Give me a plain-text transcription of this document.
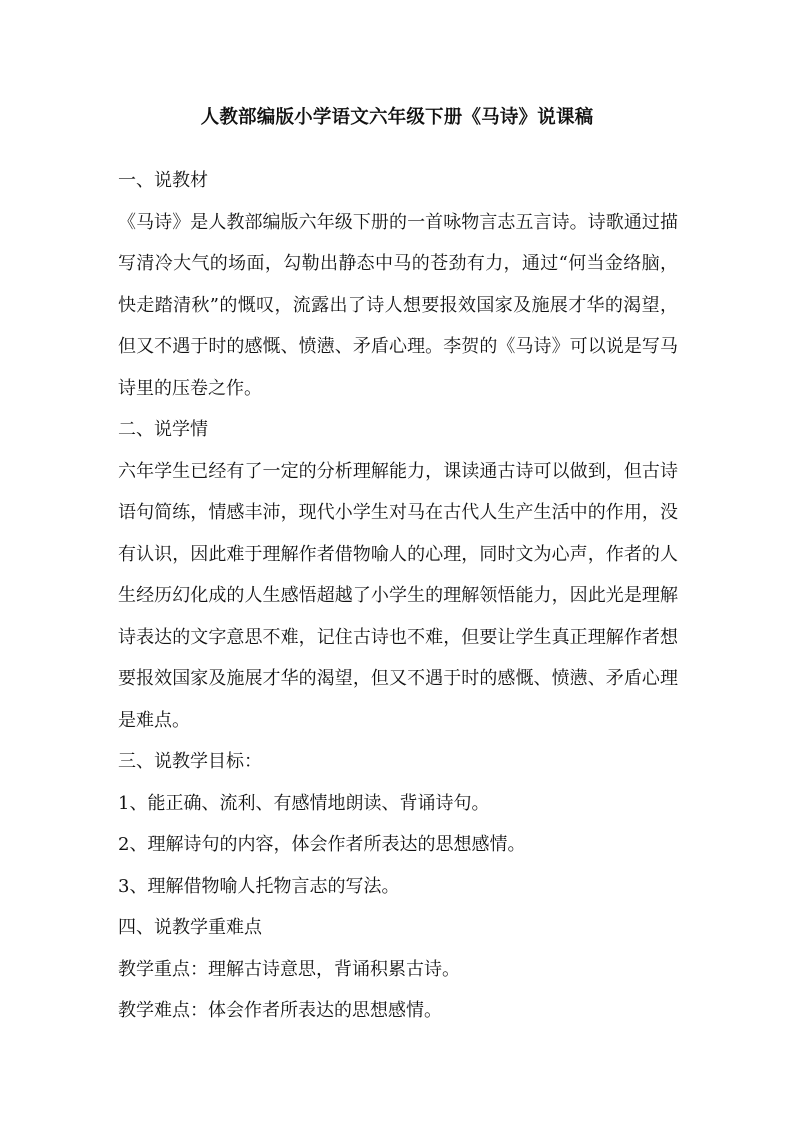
人教部编版小学语文六年级下册《马诗》说课稿
一、说教材
《马诗》是人教部编版六年级下册的一首咏物言志五言诗。诗歌通过描写清冷大气的场面，勾勒出静态中马的苍劲有力，通过“何当金络脑，快走踏清秋”的慨叹，流露出了诗人想要报效国家及施展才华的渴望，但又不遇于时的感慨、愤懑、矛盾心理。李贺的《马诗》可以说是写马诗里的压卷之作。
二、说学情
六年学生已经有了一定的分析理解能力，课读通古诗可以做到，但古诗语句简练，情感丰沛，现代小学生对马在古代人生产生活中的作用，没有认识，因此难于理解作者借物喻人的心理，同时文为心声，作者的人生经历幻化成的人生感悟超越了小学生的理解领悟能力，因此光是理解诗表达的文字意思不难，记住古诗也不难，但要让学生真正理解作者想要报效国家及施展才华的渴望，但又不遇于时的感慨、愤懑、矛盾心理是难点。
三、说教学目标：
1、能正确、流利、有感情地朗读、背诵诗句。
2、理解诗句的内容，体会作者所表达的思想感情。
3、理解借物喻人托物言志的写法。
四、说教学重难点
教学重点：理解古诗意思，背诵积累古诗。
教学难点：体会作者所表达的思想感情。
